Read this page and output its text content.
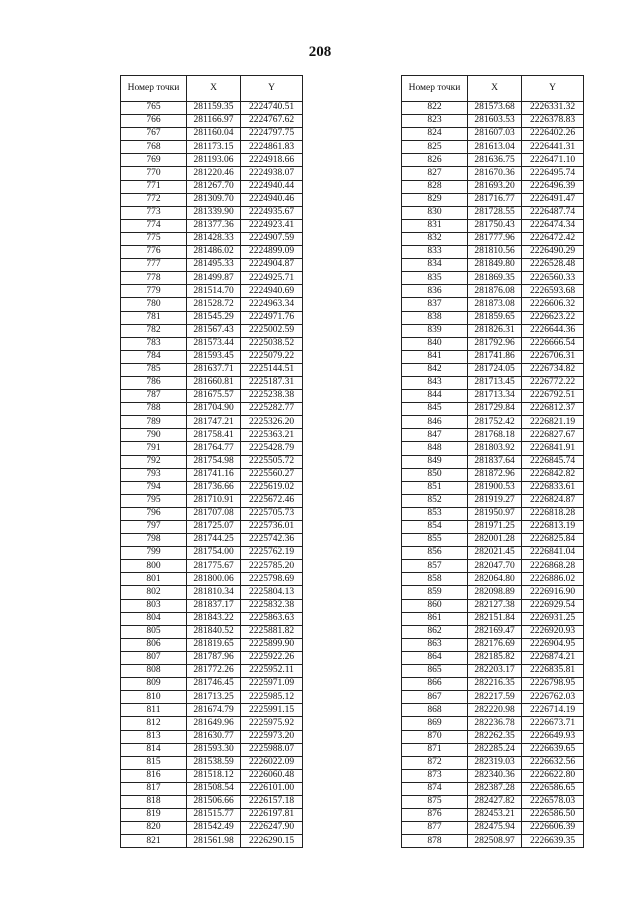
208
Номер точки	X	Y
765	281159.35	2224740.51
766	281166.97	2224767.62
767	281160.04	2224797.75
768	281173.15	2224861.83
769	281193.06	2224918.66
770	281220.46	2224938.07
771	281267.70	2224940.44
772	281309.70	2224940.46
773	281339.90	2224935.67
774	281377.36	2224923.41
775	281428.33	2224907.59
776	281486.02	2224899.09
777	281495.33	2224904.87
778	281499.87	2224925.71
779	281514.70	2224940.69
780	281528.72	2224963.34
781	281545.29	2224971.76
782	281567.43	2225002.59
783	281573.44	2225038.52
784	281593.45	2225079.22
785	281637.71	2225144.51
786	281660.81	2225187.31
787	281675.57	2225238.38
788	281704.90	2225282.77
789	281747.21	2225326.20
790	281758.41	2225363.21
791	281764.77	2225428.79
792	281754.98	2225505.72
793	281741.16	2225560.27
794	281736.66	2225619.02
795	281710.91	2225672.46
796	281707.08	2225705.73
797	281725.07	2225736.01
798	281744.25	2225742.36
799	281754.00	2225762.19
800	281775.67	2225785.20
801	281800.06	2225798.69
802	281810.34	2225804.13
803	281837.17	2225832.38
804	281843.22	2225863.63
805	281840.52	2225881.82
806	281819.65	2225899.90
807	281787.96	2225922.26
808	281772.26	2225952.11
809	281746.45	2225971.09
810	281713.25	2225985.12
811	281674.79	2225991.15
812	281649.96	2225975.92
813	281630.77	2225973.20
814	281593.30	2225988.07
815	281538.59	2226022.09
816	281518.12	2226060.48
817	281508.54	2226101.00
818	281506.66	2226157.18
819	281515.77	2226197.81
820	281542.49	2226247.90
821	281561.98	2226290.15
Номер точки	X	Y
822	281573.68	2226331.32
823	281603.53	2226378.83
824	281607.03	2226402.26
825	281613.04	2226441.31
826	281636.75	2226471.10
827	281670.36	2226495.74
828	281693.20	2226496.39
829	281716.77	2226491.47
830	281728.55	2226487.74
831	281750.43	2226474.34
832	281777.96	2226472.42
833	281810.56	2226490.29
834	281849.80	2226528.48
835	281869.35	2226560.33
836	281876.08	2226593.68
837	281873.08	2226606.32
838	281859.65	2226623.22
839	281826.31	2226644.36
840	281792.96	2226666.54
841	281741.86	2226706.31
842	281724.05	2226734.82
843	281713.45	2226772.22
844	281713.34	2226792.51
845	281729.84	2226812.37
846	281752.42	2226821.19
847	281768.18	2226827.67
848	281803.92	2226841.91
849	281837.64	2226845.74
850	281872.96	2226842.82
851	281900.53	2226833.61
852	281919.27	2226824.87
853	281950.97	2226818.28
854	281971.25	2226813.19
855	282001.28	2226825.84
856	282021.45	2226841.04
857	282047.70	2226868.28
858	282064.80	2226886.02
859	282098.89	2226916.90
860	282127.38	2226929.54
861	282151.84	2226931.25
862	282169.47	2226920.93
863	282176.69	2226904.95
864	282185.82	2226874.21
865	282203.17	2226835.81
866	282216.35	2226798.95
867	282217.59	2226762.03
868	282220.98	2226714.19
869	282236.78	2226673.71
870	282262.35	2226649.93
871	282285.24	2226639.65
872	282319.03	2226632.56
873	282340.36	2226622.80
874	282387.28	2226586.65
875	282427.82	2226578.03
876	282453.21	2226586.50
877	282475.94	2226606.39
878	282508.97	2226639.35
